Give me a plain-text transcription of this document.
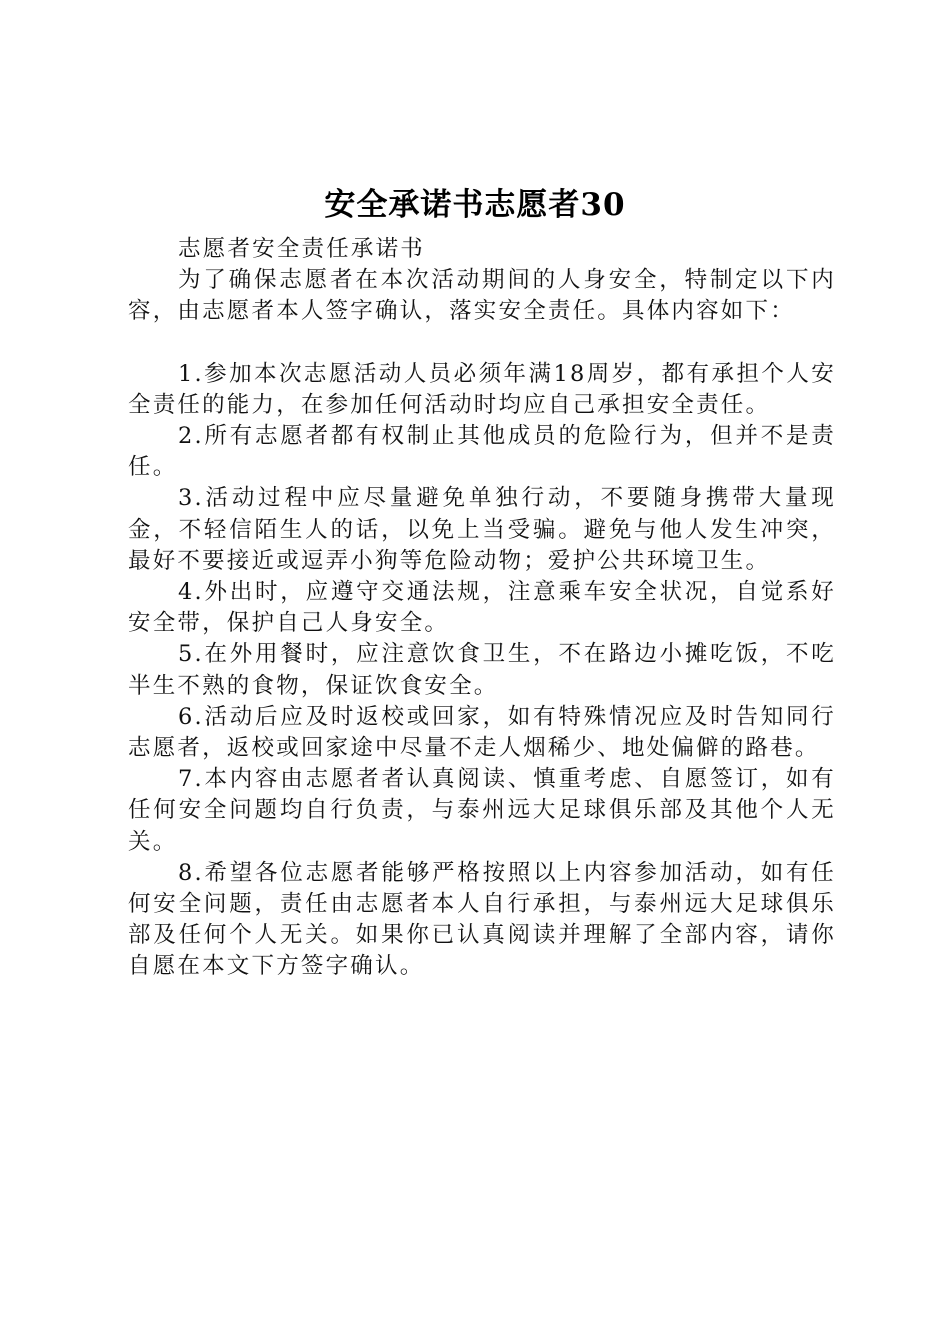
安全承诺书志愿者30

志愿者安全责任承诺书

为了确保志愿者在本次活动期间的人身安全，特制定以下内容，由志愿者本人签字确认，落实安全责任。具体内容如下：

1.参加本次志愿活动人员必须年满18周岁，都有承担个人安全责任的能力，在参加任何活动时均应自己承担安全责任。

2.所有志愿者都有权制止其他成员的危险行为，但并不是责任。

3.活动过程中应尽量避免单独行动，不要随身携带大量现金，不轻信陌生人的话，以免上当受骗。避免与他人发生冲突，最好不要接近或逗弄小狗等危险动物；爱护公共环境卫生。

4.外出时，应遵守交通法规，注意乘车安全状况，自觉系好安全带，保护自己人身安全。

5.在外用餐时，应注意饮食卫生，不在路边小摊吃饭，不吃半生不熟的食物，保证饮食安全。

6.活动后应及时返校或回家，如有特殊情况应及时告知同行志愿者，返校或回家途中尽量不走人烟稀少、地处偏僻的路巷。

7.本内容由志愿者者认真阅读、慎重考虑、自愿签订，如有任何安全问题均自行负责，与泰州远大足球俱乐部及其他个人无关。

8.希望各位志愿者能够严格按照以上内容参加活动，如有任何安全问题，责任由志愿者本人自行承担，与泰州远大足球俱乐部及任何个人无关。如果你已认真阅读并理解了全部内容，请你自愿在本文下方签字确认。
